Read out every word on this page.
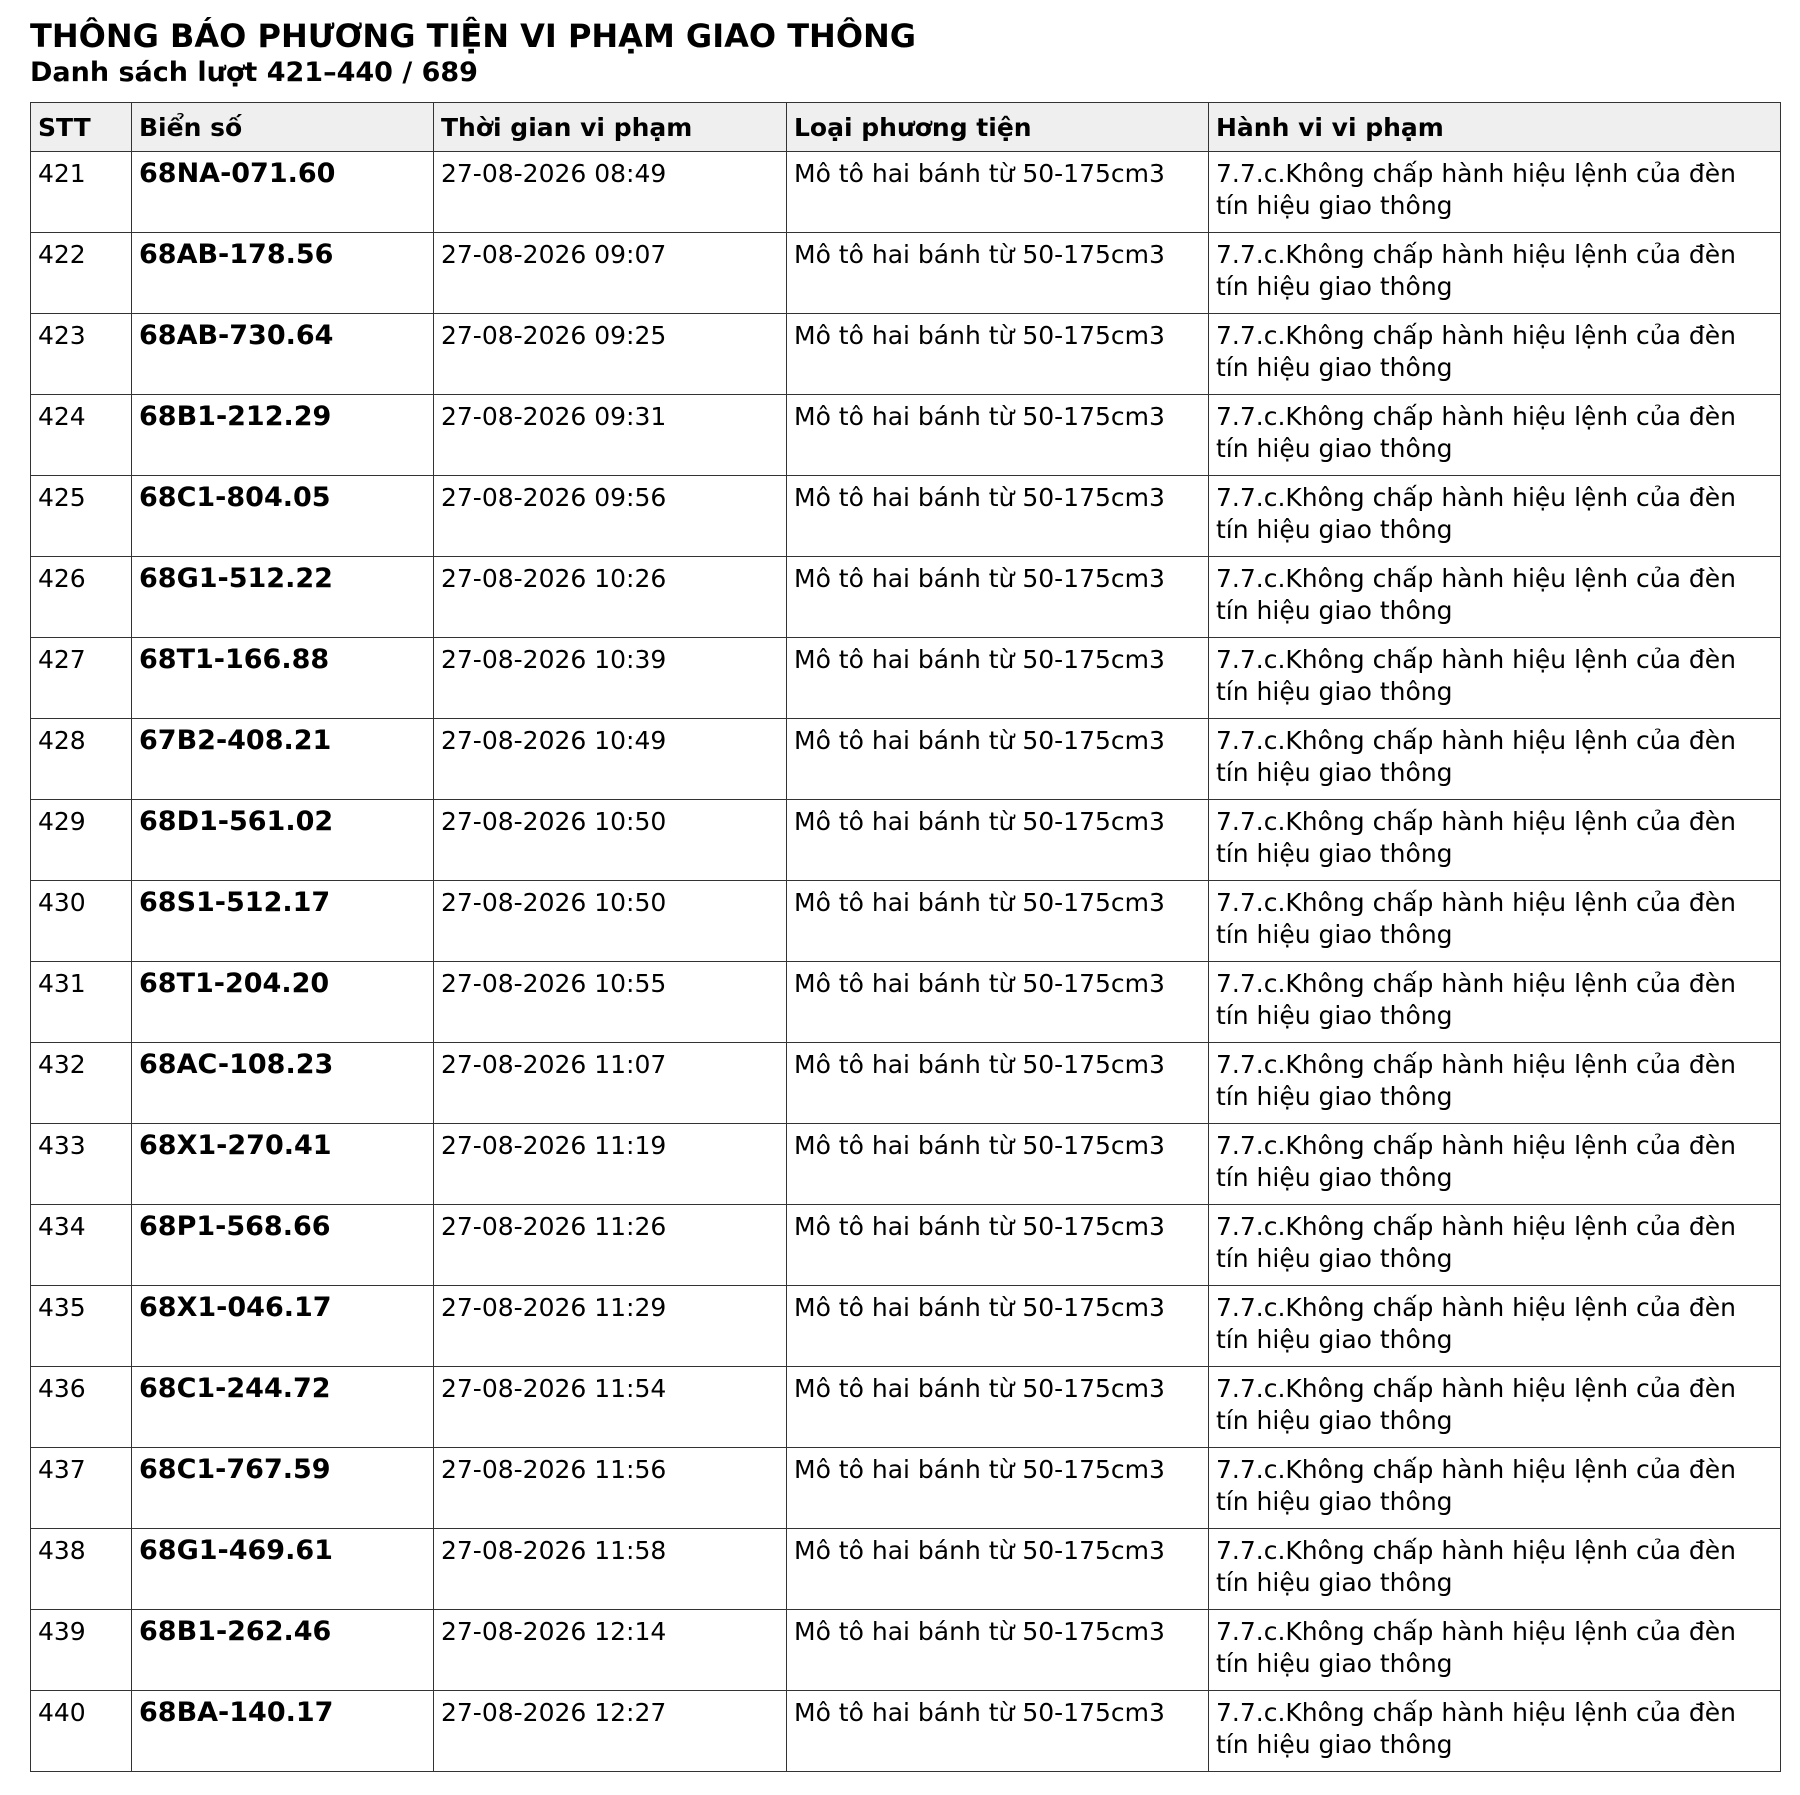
THÔNG BÁO PHƯƠNG TIỆN VI PHẠM GIAO THÔNG
Danh sách lượt 421–440 / 689
STT	Biển số	Thời gian vi phạm	Loại phương tiện	Hành vi vi phạm
421	68NA-071.60	27-08-2026 08:49	Mô tô hai bánh từ 50-175cm3	7.7.c.Không chấp hành hiệu lệnh của đèn tín hiệu giao thông
422	68AB-178.56	27-08-2026 09:07	Mô tô hai bánh từ 50-175cm3	7.7.c.Không chấp hành hiệu lệnh của đèn tín hiệu giao thông
423	68AB-730.64	27-08-2026 09:25	Mô tô hai bánh từ 50-175cm3	7.7.c.Không chấp hành hiệu lệnh của đèn tín hiệu giao thông
424	68B1-212.29	27-08-2026 09:31	Mô tô hai bánh từ 50-175cm3	7.7.c.Không chấp hành hiệu lệnh của đèn tín hiệu giao thông
425	68C1-804.05	27-08-2026 09:56	Mô tô hai bánh từ 50-175cm3	7.7.c.Không chấp hành hiệu lệnh của đèn tín hiệu giao thông
426	68G1-512.22	27-08-2026 10:26	Mô tô hai bánh từ 50-175cm3	7.7.c.Không chấp hành hiệu lệnh của đèn tín hiệu giao thông
427	68T1-166.88	27-08-2026 10:39	Mô tô hai bánh từ 50-175cm3	7.7.c.Không chấp hành hiệu lệnh của đèn tín hiệu giao thông
428	67B2-408.21	27-08-2026 10:49	Mô tô hai bánh từ 50-175cm3	7.7.c.Không chấp hành hiệu lệnh của đèn tín hiệu giao thông
429	68D1-561.02	27-08-2026 10:50	Mô tô hai bánh từ 50-175cm3	7.7.c.Không chấp hành hiệu lệnh của đèn tín hiệu giao thông
430	68S1-512.17	27-08-2026 10:50	Mô tô hai bánh từ 50-175cm3	7.7.c.Không chấp hành hiệu lệnh của đèn tín hiệu giao thông
431	68T1-204.20	27-08-2026 10:55	Mô tô hai bánh từ 50-175cm3	7.7.c.Không chấp hành hiệu lệnh của đèn tín hiệu giao thông
432	68AC-108.23	27-08-2026 11:07	Mô tô hai bánh từ 50-175cm3	7.7.c.Không chấp hành hiệu lệnh của đèn tín hiệu giao thông
433	68X1-270.41	27-08-2026 11:19	Mô tô hai bánh từ 50-175cm3	7.7.c.Không chấp hành hiệu lệnh của đèn tín hiệu giao thông
434	68P1-568.66	27-08-2026 11:26	Mô tô hai bánh từ 50-175cm3	7.7.c.Không chấp hành hiệu lệnh của đèn tín hiệu giao thông
435	68X1-046.17	27-08-2026 11:29	Mô tô hai bánh từ 50-175cm3	7.7.c.Không chấp hành hiệu lệnh của đèn tín hiệu giao thông
436	68C1-244.72	27-08-2026 11:54	Mô tô hai bánh từ 50-175cm3	7.7.c.Không chấp hành hiệu lệnh của đèn tín hiệu giao thông
437	68C1-767.59	27-08-2026 11:56	Mô tô hai bánh từ 50-175cm3	7.7.c.Không chấp hành hiệu lệnh của đèn tín hiệu giao thông
438	68G1-469.61	27-08-2026 11:58	Mô tô hai bánh từ 50-175cm3	7.7.c.Không chấp hành hiệu lệnh của đèn tín hiệu giao thông
439	68B1-262.46	27-08-2026 12:14	Mô tô hai bánh từ 50-175cm3	7.7.c.Không chấp hành hiệu lệnh của đèn tín hiệu giao thông
440	68BA-140.17	27-08-2026 12:27	Mô tô hai bánh từ 50-175cm3	7.7.c.Không chấp hành hiệu lệnh của đèn tín hiệu giao thông
